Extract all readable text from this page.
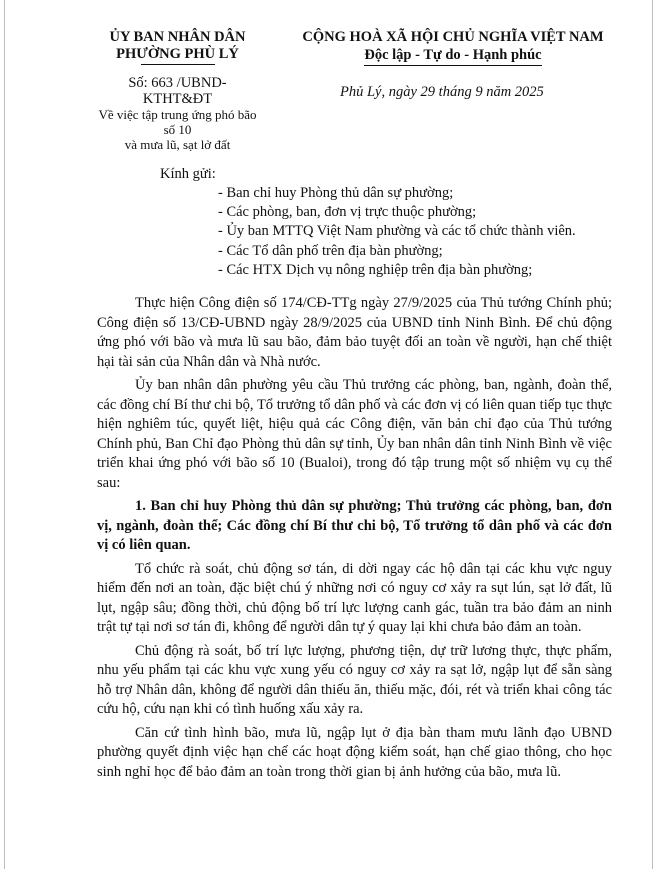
ỦY BAN NHÂN DÂN
PHƯỜNG PHÙ LÝ
Số: 663 /UBND-KTHT&ĐT
Về việc tập trung ứng phó bão số 10
và mưa lũ, sạt lở đất
CỘNG HOÀ XÃ HỘI CHỦ NGHĨA VIỆT NAM
Độc lập - Tự do - Hạnh phúc
Phủ Lý, ngày 29 tháng 9 năm 2025
Kính gửi:
- Ban chỉ huy Phòng thủ dân sự phường;
- Các phòng, ban, đơn vị trực thuộc phường;
- Ủy ban MTTQ Việt Nam phường và các tổ chức thành viên.
- Các Tổ dân phố trên địa bàn phường;
- Các HTX Dịch vụ nông nghiệp trên địa bàn phường;

Thực hiện Công điện số 174/CĐ-TTg ngày 27/9/2025 của Thủ tướng Chính phủ; Công điện số 13/CĐ-UBND ngày 28/9/2025 của UBND tỉnh Ninh Bình. Để chủ động ứng phó với bão và mưa lũ sau bão, đảm bảo tuyệt đối an toàn về người, hạn chế thiệt hại tài sản của Nhân dân và Nhà nước.

Ủy ban nhân dân phường yêu cầu Thủ trưởng các phòng, ban, ngành, đoàn thể, các đồng chí Bí thư chi bộ, Tổ trưởng tổ dân phố và các đơn vị có liên quan tiếp tục thực hiện nghiêm túc, quyết liệt, hiệu quả các Công điện, văn bản chỉ đạo của Thủ tướng Chính phủ, Ban Chỉ đạo Phòng thủ dân sự tỉnh, Ủy ban nhân dân tỉnh Ninh Bình về việc triển khai ứng phó với bão số 10 (Bualoi), trong đó tập trung một số nhiệm vụ cụ thể sau:

1. Ban chỉ huy Phòng thủ dân sự phường; Thủ trưởng các phòng, ban, đơn vị, ngành, đoàn thể; Các đồng chí Bí thư chi bộ, Tổ trưởng tổ dân phố và các đơn vị có liên quan.

Tổ chức rà soát, chủ động sơ tán, di dời ngay các hộ dân tại các khu vực nguy hiểm đến nơi an toàn, đặc biệt chú ý những nơi có nguy cơ xảy ra sụt lún, sạt lở đất, lũ lụt, ngập sâu; đồng thời, chủ động bố trí lực lượng canh gác, tuần tra bảo đảm an ninh trật tự tại nơi sơ tán đi, không để người dân tự ý quay lại khi chưa bảo đảm an toàn.

Chủ động rà soát, bố trí lực lượng, phương tiện, dự trữ lương thực, thực phẩm, nhu yếu phẩm tại các khu vực xung yếu có nguy cơ xảy ra sạt lở, ngập lụt để sẵn sàng hỗ trợ Nhân dân, không để người dân thiếu ăn, thiếu mặc, đói, rét và triển khai công tác cứu hộ, cứu nạn khi có tình huống xấu xảy ra.

Căn cứ tình hình bão, mưa lũ, ngập lụt ở địa bàn tham mưu lãnh đạo UBND phường quyết định việc hạn chế các hoạt động kiểm soát, hạn chế giao thông, cho học sinh nghỉ học để bảo đảm an toàn trong thời gian bị ảnh hưởng của bão, mưa lũ.
